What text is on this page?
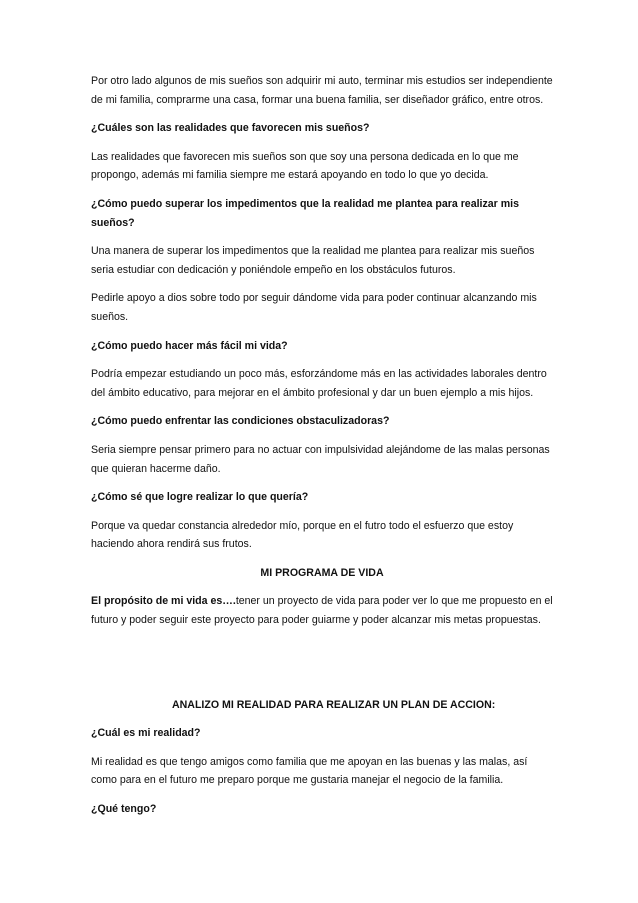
Por otro lado algunos de mis sueños son adquirir mi auto, terminar mis estudios ser independiente de mi familia, comprarme una casa, formar una buena familia, ser diseñador gráfico, entre otros.

¿Cuáles son las realidades que favorecen mis sueños?

Las realidades que favorecen mis sueños son que soy una persona dedicada en lo que me propongo, además mi familia siempre me estará apoyando en todo lo que yo decida.

¿Cómo puedo superar los impedimentos que la realidad me plantea para realizar mis sueños?

Una manera de superar los impedimentos que la realidad me plantea para realizar mis sueños seria estudiar con dedicación y poniéndole empeño en los obstáculos futuros.

Pedirle apoyo a dios sobre todo por seguir dándome vida para poder continuar alcanzando mis sueños.

¿Cómo puedo hacer más fácil mi vida?

Podría empezar estudiando un poco más, esforzándome más en las actividades laborales dentro del ámbito educativo, para mejorar en el ámbito profesional y dar un buen ejemplo a mis hijos.

¿Cómo puedo enfrentar las condiciones obstaculizadoras?

Seria siempre pensar primero para no actuar con impulsividad alejándome de las malas personas que quieran hacerme daño.

¿Cómo sé que logre realizar lo que quería?

Porque va quedar constancia alrededor mío, porque en el futro todo el esfuerzo que estoy haciendo ahora rendirá sus frutos.

MI PROGRAMA DE VIDA

El propósito de mi vida es….tener un proyecto de vida para poder ver lo que me propuesto en el futuro y poder seguir este proyecto para poder guiarme y poder alcanzar mis metas propuestas.

ANALIZO MI REALIDAD PARA REALIZAR UN PLAN DE ACCION:

¿Cuál es mi realidad?

Mi realidad es que tengo amigos como familia que me apoyan en las buenas y las malas, así como para en el futuro me preparo porque me gustaria manejar el negocio de la familia.

¿Qué tengo?
